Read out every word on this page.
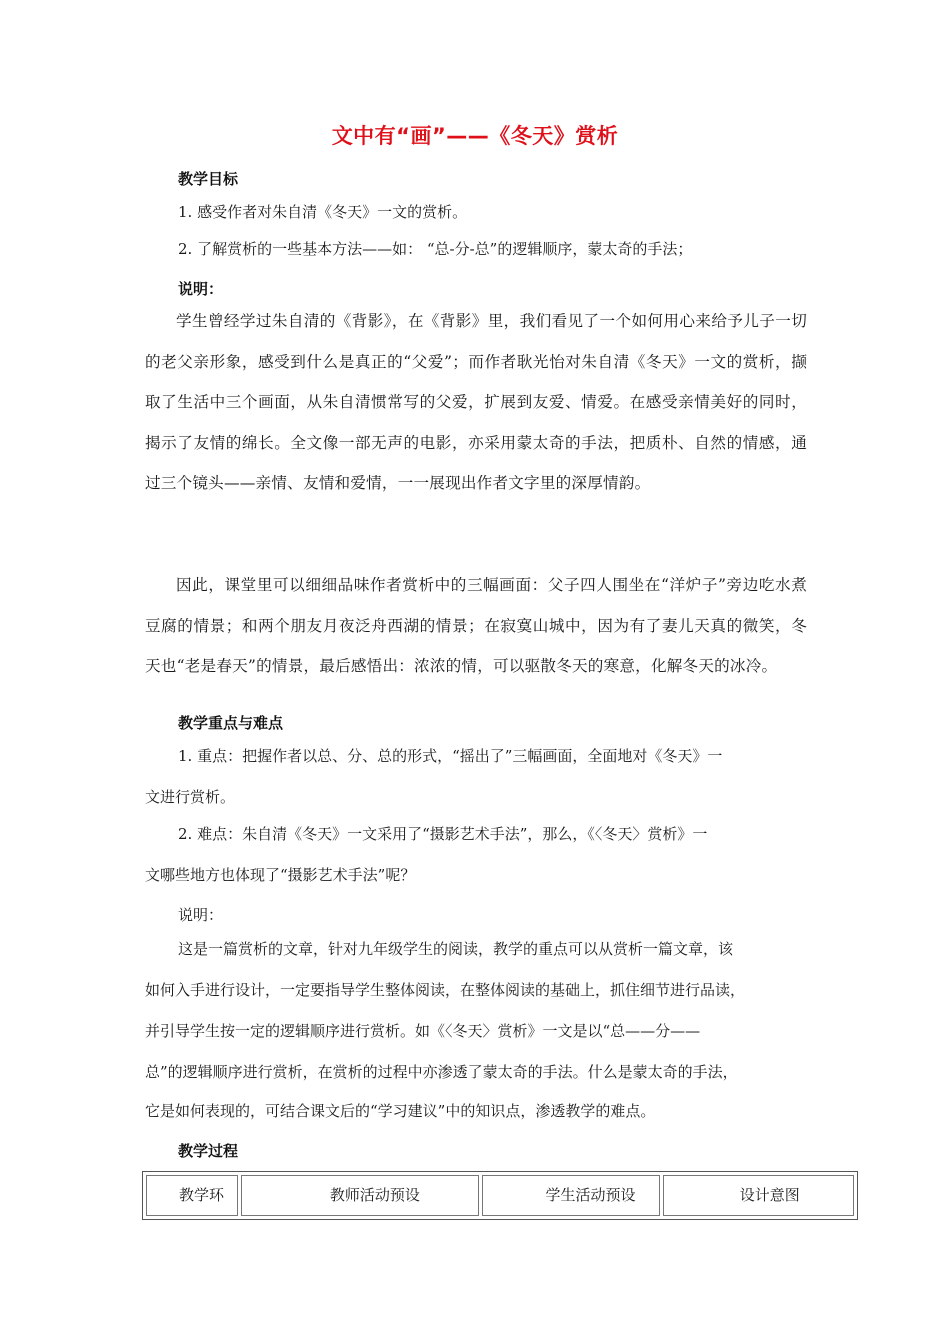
文中有“画”——《冬天》赏析
教学目标
1. 感受作者对朱自清《冬天》一文的赏析。
2. 了解赏析的一些基本方法——如： “总-分-总”的逻辑顺序，蒙太奇的手法；
说明：
学生曾经学过朱自清的《背影》，在《背影》里，我们看见了一个如何用心来给予儿子一切的老父亲形象，感受到什么是真正的“父爱”；而作者耿光怡对朱自清《冬天》一文的赏析，撷取了生活中三个画面，从朱自清惯常写的父爱，扩展到友爱、情爱。在感受亲情美好的同时，揭示了友情的绵长。全文像一部无声的电影，亦采用蒙太奇的手法，把质朴、自然的情感，通过三个镜头——亲情、友情和爱情，一一展现出作者文字里的深厚情韵。
因此，课堂里可以细细品味作者赏析中的三幅画面：父子四人围坐在“洋炉子”旁边吃水煮豆腐的情景；和两个朋友月夜泛舟西湖的情景；在寂寞山城中，因为有了妻儿天真的微笑，冬天也“老是春天”的情景，最后感悟出：浓浓的情，可以驱散冬天的寒意，化解冬天的冰冷。
教学重点与难点
1. 重点：把握作者以总、分、总的形式，“摇出了”三幅画面，全面地对《冬天》一
文进行赏析。
2. 难点：朱自清《冬天》一文采用了“摄影艺术手法”，那么，《〈冬天〉赏析》一
文哪些地方也体现了“摄影艺术手法”呢？
说明：
这是一篇赏析的文章，针对九年级学生的阅读，教学的重点可以从赏析一篇文章，该
如何入手进行设计，一定要指导学生整体阅读，在整体阅读的基础上，抓住细节进行品读，
并引导学生按一定的逻辑顺序进行赏析。如《〈冬天〉赏析》一文是以“总——分——
总”的逻辑顺序进行赏析，在赏析的过程中亦渗透了蒙太奇的手法。什么是蒙太奇的手法，
它是如何表现的，可结合课文后的“学习建议”中的知识点，渗透教学的难点。
教学过程
教学环	教师活动预设	学生活动预设	设计意图
